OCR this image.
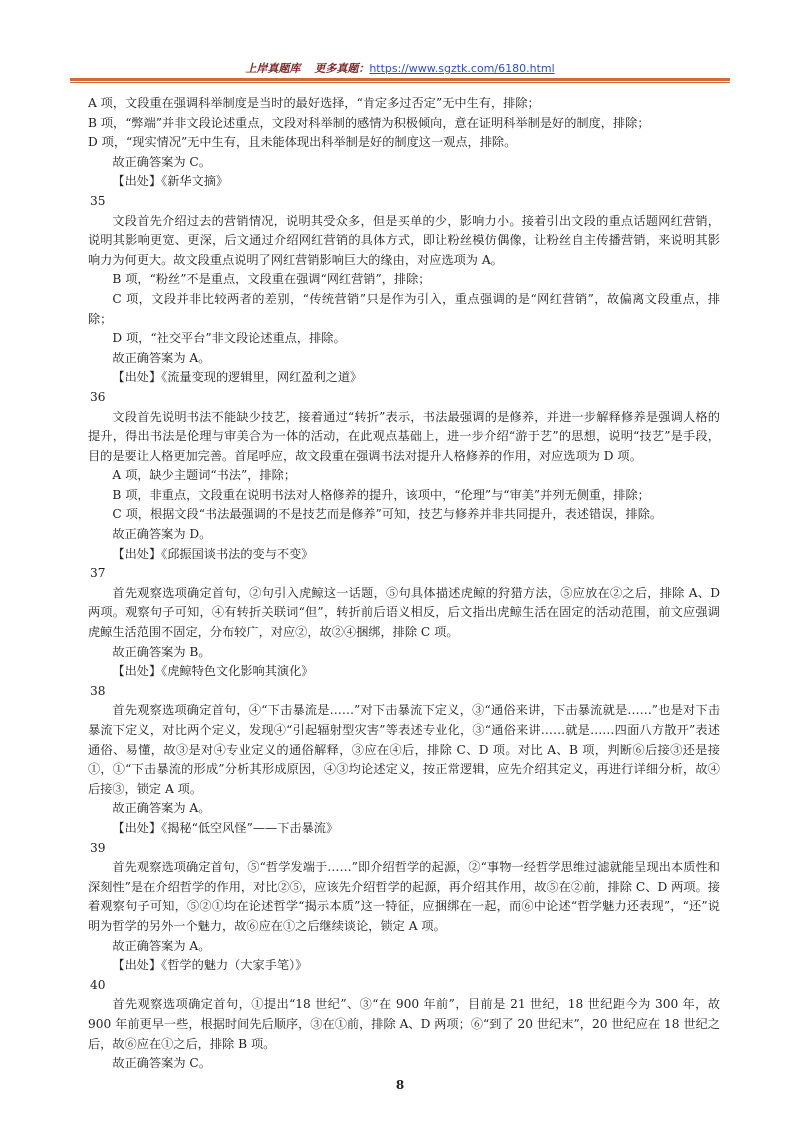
上岸真题库 更多真题：https://www.sgztk.com/6180.html

A 项，文段重在强调科举制度是当时的最好选择，“肯定多过否定”无中生有，排除；

B 项，“弊端”并非文段论述重点，文段对科举制的感情为积极倾向，意在证明科举制是好的制度，排除；

D 项，“现实情况”无中生有，且未能体现出科举制是好的制度这一观点，排除。

故正确答案为 C。

【出处】《新华文摘》

35

文段首先介绍过去的营销情况，说明其受众多，但是买单的少，影响力小。接着引出文段的重点话题网红营销，说明其影响更宽、更深，后文通过介绍网红营销的具体方式，即让粉丝模仿偶像，让粉丝自主传播营销，来说明其影响力为何更大。故文段重点说明了网红营销影响巨大的缘由，对应选项为 A。

B 项，“粉丝”不是重点，文段重在强调“网红营销”，排除；

C 项，文段并非比较两者的差别，“传统营销”只是作为引入，重点强调的是“网红营销”，故偏离文段重点，排除；

D 项，“社交平台”非文段论述重点，排除。

故正确答案为 A。

【出处】《流量变现的逻辑里，网红盈利之道》

36

文段首先说明书法不能缺少技艺，接着通过“转折”表示，书法最强调的是修养，并进一步解释修养是强调人格的提升，得出书法是伦理与审美合为一体的活动，在此观点基础上，进一步介绍“游于艺”的思想，说明“技艺”是手段，目的是要让人格更加完善。首尾呼应，故文段重在强调书法对提升人格修养的作用，对应选项为 D 项。

A 项，缺少主题词“书法”，排除；

B 项，非重点，文段重在说明书法对人格修养的提升，该项中，“伦理”与“审美”并列无侧重，排除；

C 项，根据文段“书法最强调的不是技艺而是修养”可知，技艺与修养并非共同提升，表述错误，排除。

故正确答案为 D。

【出处】《邱振国谈书法的变与不变》

37

首先观察选项确定首句，②句引入虎鲸这一话题，⑤句具体描述虎鲸的狩猎方法，⑤应放在②之后，排除 A、D 两项。观察句子可知，④有转折关联词“但”，转折前后语义相反，后文指出虎鲸生活在固定的活动范围，前文应强调虎鲸生活范围不固定，分布较广，对应②，故②④捆绑，排除 C 项。

故正确答案为 B。

【出处】《虎鲸特色文化影响其演化》

38

首先观察选项确定首句，④“下击暴流是……”对下击暴流下定义，③“通俗来讲，下击暴流就是……”也是对下击暴流下定义，对比两个定义，发现④“引起辐射型灾害”等表述专业化，③“通俗来讲……就是……四面八方散开”表述通俗、易懂，故③是对④专业定义的通俗解释，③应在④后，排除 C、D 项。对比 A、B 项，判断⑥后接③还是接①，①“下击暴流的形成”分析其形成原因，④③均论述定义，按正常逻辑，应先介绍其定义，再进行详细分析，故④后接③，锁定 A 项。

故正确答案为 A。

【出处】《揭秘“低空风怪”——下击暴流》

39

首先观察选项确定首句，⑤“哲学发端于……”即介绍哲学的起源，②“事物一经哲学思维过滤就能呈现出本质性和深刻性”是在介绍哲学的作用，对比②⑤，应该先介绍哲学的起源，再介绍其作用，故⑤在②前，排除 C、D 两项。接着观察句子可知，⑤②①均在论述哲学“揭示本质”这一特征，应捆绑在一起，而⑥中论述“哲学魅力还表现”，“还”说明为哲学的另外一个魅力，故⑥应在①之后继续谈论，锁定 A 项。

故正确答案为 A。

【出处】《哲学的魅力（大家手笔）》

40

首先观察选项确定首句，①提出“18 世纪”、③“在 900 年前”，目前是 21 世纪，18 世纪距今为 300 年，故 900 年前更早一些，根据时间先后顺序，③在①前，排除 A、D 两项；⑥“到了 20 世纪末”，20 世纪应在 18 世纪之后，故⑥应在①之后，排除 B 项。

故正确答案为 C。

8
